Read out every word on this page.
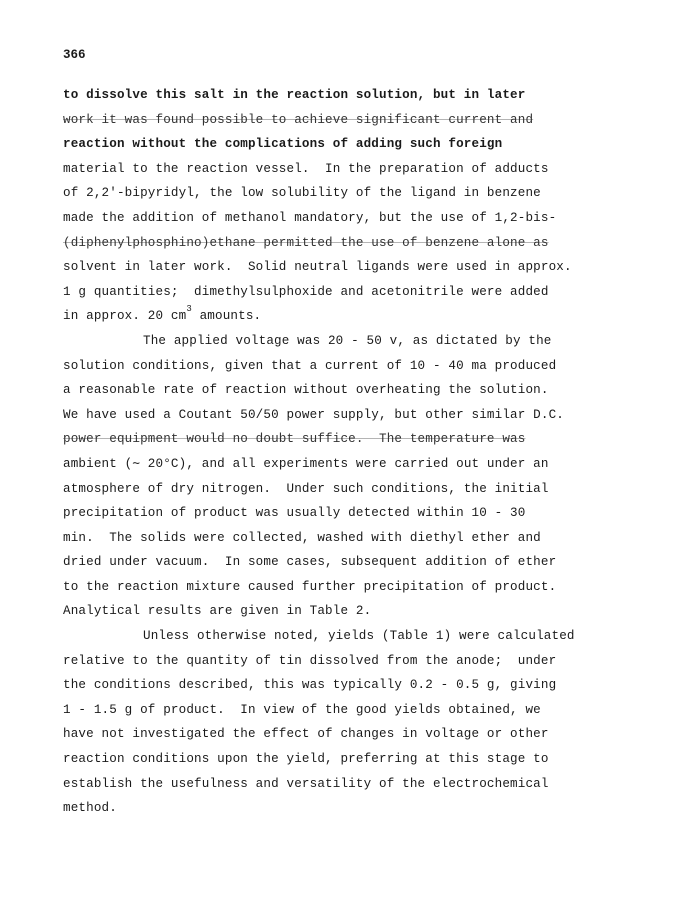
366
to dissolve this salt in the reaction solution, but in later
work it was found possible to achieve significant current and
reaction without the complications of adding such foreign
material to the reaction vessel.  In the preparation of adducts
of 2,2'-bipyridyl, the low solubility of the ligand in benzene
made the addition of methanol mandatory, but the use of 1,2-bis-
(diphenylphosphino)ethane permitted the use of benzene alone as
solvent in later work.  Solid neutral ligands were used in approx.
1 g quantities;  dimethylsulphoxide and acetonitrile were added
in approx. 20 $cm^3$ amounts.
The applied voltage was 20 - 50 v, as dictated by the
solution conditions, given that a current of 10 - 40 ma produced
a reasonable rate of reaction without overheating the solution.
We have used a Coutant 50/50 power supply, but other similar D.C.
power equipment would no doubt suffice.  The temperature was
ambient (∼ 20°C), and all experiments were carried out under an
atmosphere of dry nitrogen.  Under such conditions, the initial
precipitation of product was usually detected within 10 - 30
min.  The solids were collected, washed with diethyl ether and
dried under vacuum.  In some cases, subsequent addition of ether
to the reaction mixture caused further precipitation of product.
Analytical results are given in Table 2.
Unless otherwise noted, yields (Table 1) were calculated
relative to the quantity of tin dissolved from the anode;  under
the conditions described, this was typically 0.2 - 0.5 g, giving
1 - 1.5 g of product.  In view of the good yields obtained, we
have not investigated the effect of changes in voltage or other
reaction conditions upon the yield, preferring at this stage to
establish the usefulness and versatility of the electrochemical
method.
